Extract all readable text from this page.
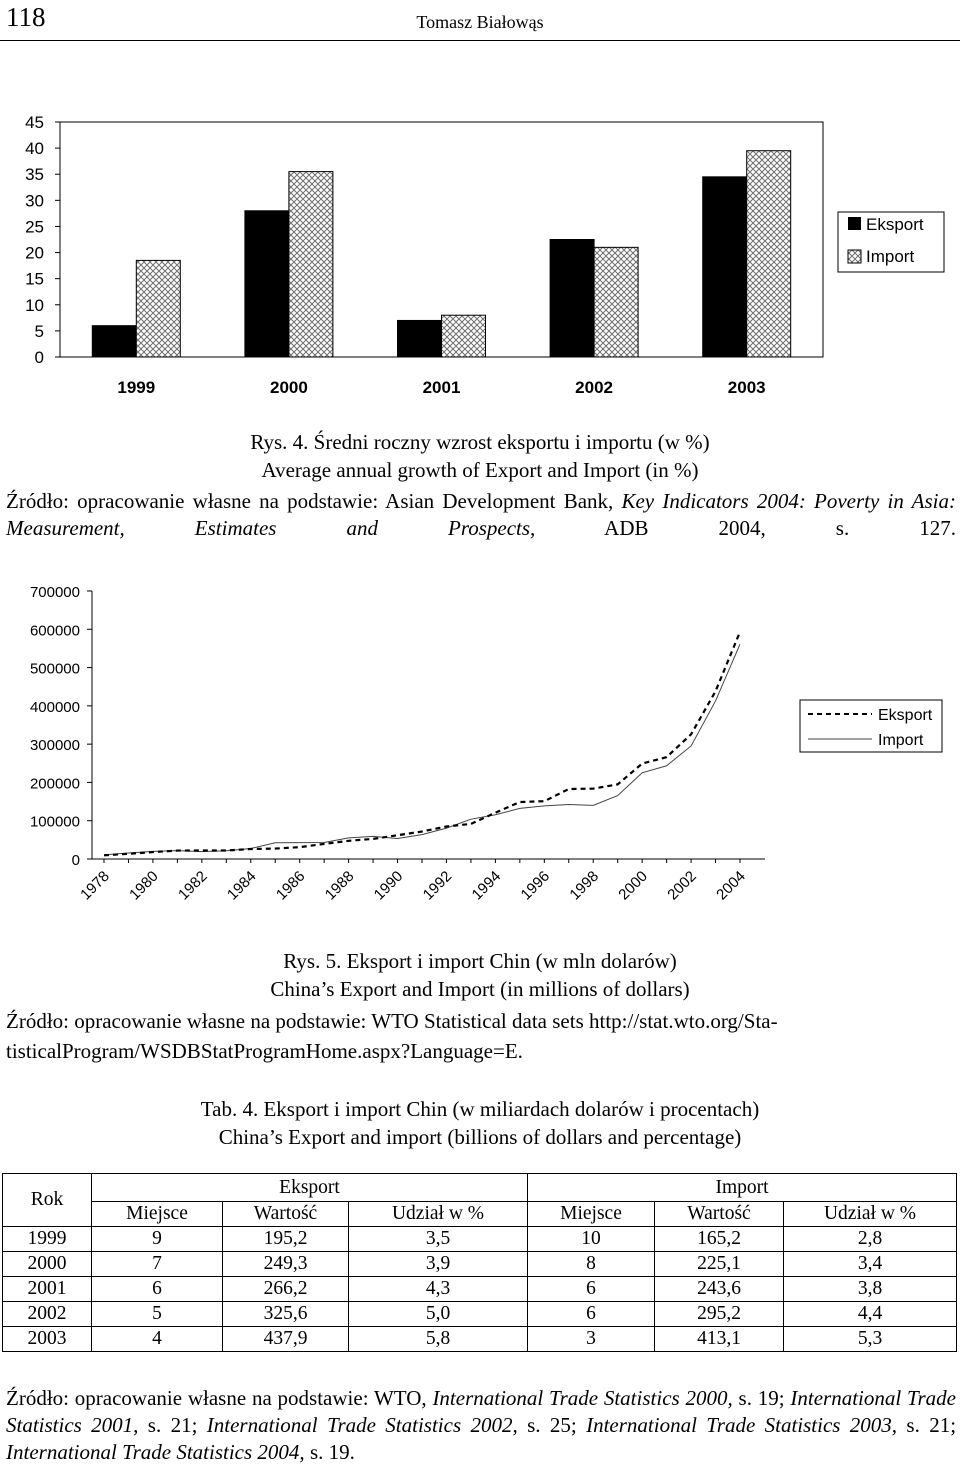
118	Tomasz Białowąs
45
40
35
30
25
20
15
10
5
0
1999	2000	2001	2002	2003
Eksport
Import
Rys. 4. Średni roczny wzrost eksportu i importu (w %)
Average annual growth of Export and Import (in %)
Źródło: opracowanie własne na podstawie: Asian Development Bank, Key Indicators 2004: Poverty in Asia: Measurement, Estimates and Prospects,	ADB 2004, s. 127.
700000
600000
500000
400000
300000
200000
100000
0
1978 1980 1982 1984 1986 1988 1990 1992 1994 1996 1998 2000 2002 2004
Eksport
Import
Rys. 5. Eksport i import Chin (w mln dolarów)
China’s Export and Import (in millions of dollars)
Źródło: opracowanie własne na podstawie: WTO Statistical data sets http://stat.wto.org/Sta-
tisticalProgram/WSDBStatProgramHome.aspx?Language=E.
Tab. 4. Eksport i import Chin (w miliardach dolarów i procentach)
China’s Export and import (billions of dollars and percentage)
Rok	Eksport			Import		
	Miejsce	Wartość	Udział w %	Miejsce	Wartość	Udział w %
1999	9	195,2	3,5	10	165,2	2,8
2000	7	249,3	3,9	8	225,1	3,4
2001	6	266,2	4,3	6	243,6	3,8
2002	5	325,6	5,0	6	295,2	4,4
2003	4	437,9	5,8	3	413,1	5,3
Źródło: opracowanie własne na podstawie: WTO, International Trade Statistics 2000, s. 19; International Trade Statistics 2001, s. 21; International Trade Statistics 2002, s. 25; International Trade Statistics 2003, s. 21; International Trade Statistics 2004, s. 19.
